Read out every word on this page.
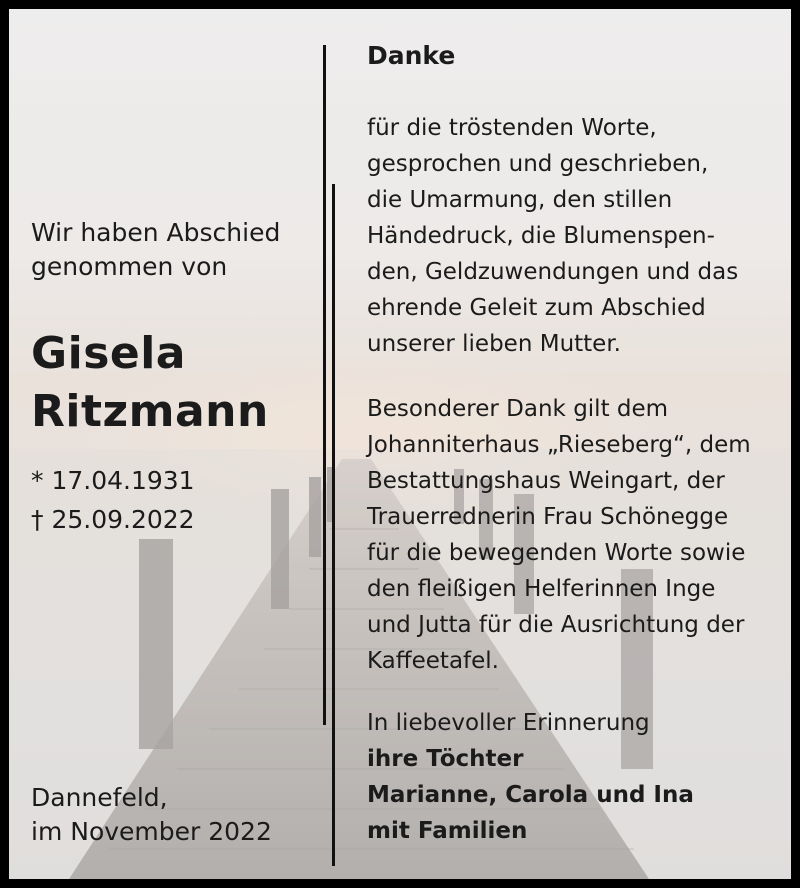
Wir haben Abschied
genommen von
Gisela
Ritzmann
* 17.04.1931
† 25.09.2022
Dannefeld,
im November 2022
Danke
für die tröstenden Worte,
gesprochen und geschrieben,
die Umarmung, den stillen
Händedruck, die Blumenspen-
den, Geldzuwendungen und das
ehrende Geleit zum Abschied
unserer lieben Mutter.
Besonderer Dank gilt dem
Johanniterhaus „Rieseberg“, dem
Bestattungshaus Weingart, der
Trauerrednerin Frau Schönegge
für die bewegenden Worte sowie
den fleißigen Helferinnen Inge
und Jutta für die Ausrichtung der
Kaffeetafel.
In liebevoller Erinnerung
ihre Töchter
Marianne, Carola und Ina
mit Familien
